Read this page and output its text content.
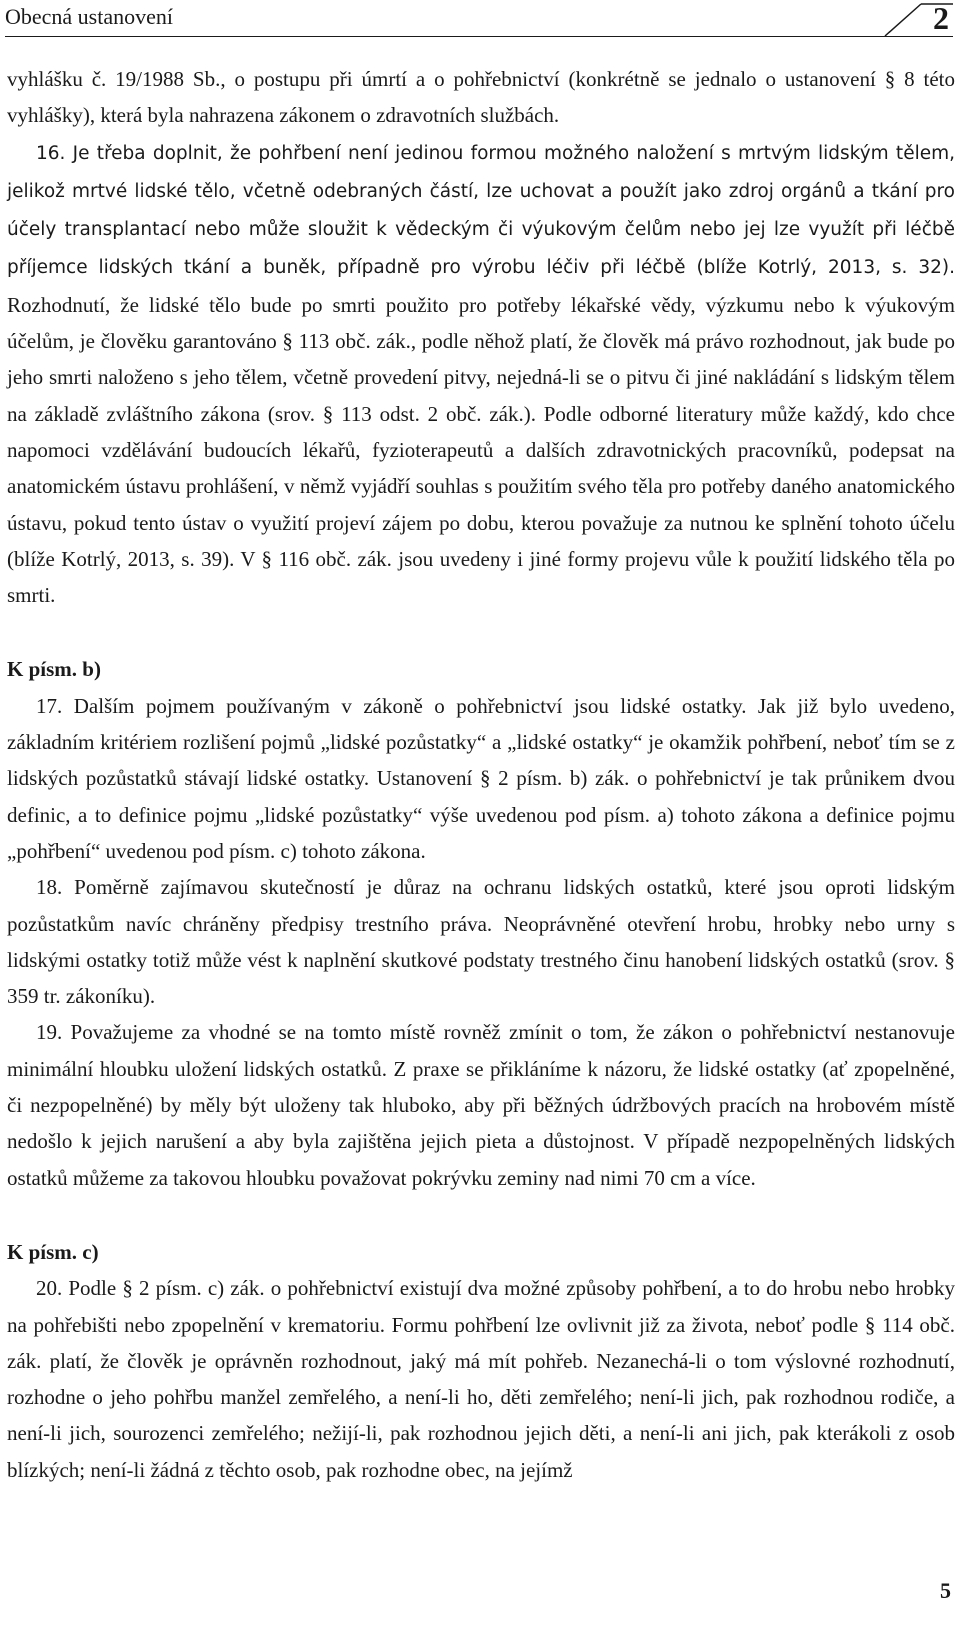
Obecná ustanovení	2

vyhlášku č. 19/1988 Sb., o postupu při úmrtí a o pohřebnictví (konkrétně se jednalo o ustanovení § 8 této vyhlášky), která byla nahrazena zákonem o zdravotních službách.

16. Je třeba doplnit, že pohřbení není jedinou formou možného naložení s mrtvým lidským tělem, jelikož mrtvé lidské tělo, včetně odebraných částí, lze uchovat a použít jako zdroj orgánů a tkání pro účely transplantací nebo může sloužit k vědeckým či výukovým čelům nebo jej lze využít při léčbě příjemce lidských tkání a buněk, případně pro výrobu léčiv při léčbě (blíže Kotrlý, 2013, s. 32). Rozhodnutí, že lidské tělo bude po smrti použito pro potřeby lékařské vědy, výzkumu nebo k výukovým účelům, je člověku garantováno § 113 obč. zák., podle něhož platí, že člověk má právo rozhodnout, jak bude po jeho smrti naloženo s jeho tělem, včetně provedení pitvy, nejedná-li se o pitvu či jiné nakládání s lidským tělem na základě zvláštního zákona (srov. § 113 odst. 2 obč. zák.). Podle odborné literatury může každý, kdo chce napomoci vzdělávání budoucích lékařů, fyzioterapeutů a dalších zdravotnických pracovníků, podepsat na anatomickém ústavu prohlášení, v němž vyjádří souhlas s použitím svého těla pro potřeby daného anatomického ústavu, pokud tento ústav o využití projeví zájem po dobu, kterou považuje za nutnou ke splnění tohoto účelu (blíže Kotrlý, 2013, s. 39). V § 116 obč. zák. jsou uvedeny i jiné formy projevu vůle k použití lidského těla po smrti.

K písm. b)

17. Dalším pojmem používaným v zákoně o pohřebnictví jsou lidské ostatky. Jak již bylo uvedeno, základním kritériem rozlišení pojmů „lidské pozůstatky“ a „lidské ostatky“ je okamžik pohřbení, neboť tím se z lidských pozůstatků stávají lidské ostatky. Ustanovení § 2 písm. b) zák. o pohřebnictví je tak průnikem dvou definic, a to definice pojmu „lidské pozůstatky“ výše uvedenou pod písm. a) tohoto zákona a definice pojmu „pohřbení“ uvedenou pod písm. c) tohoto zákona.

18. Poměrně zajímavou skutečností je důraz na ochranu lidských ostatků, které jsou oproti lidským pozůstatkům navíc chráněny předpisy trestního práva. Neoprávněné otevření hrobu, hrobky nebo urny s lidskými ostatky totiž může vést k naplnění skutkové podstaty trestného činu hanobení lidských ostatků (srov. § 359 tr. zákoníku).

19. Považujeme za vhodné se na tomto místě rovněž zmínit o tom, že zákon o pohřebnictví nestanovuje minimální hloubku uložení lidských ostatků. Z praxe se přikláníme k názoru, že lidské ostatky (ať zpopelněné, či nezpopelněné) by měly být uloženy tak hluboko, aby při běžných údržbových pracích na hrobovém místě nedošlo k jejich narušení a aby byla zajištěna jejich pieta a důstojnost. V případě nezpopelněných lidských ostatků můžeme za takovou hloubku považovat pokrývku zeminy nad nimi 70 cm a více.

K písm. c)

20. Podle § 2 písm. c) zák. o pohřebnictví existují dva možné způsoby pohřbení, a to do hrobu nebo hrobky na pohřebišti nebo zpopelnění v krematoriu. Formu pohřbení lze ovlivnit již za života, neboť podle § 114 obč. zák. platí, že člověk je oprávněn rozhodnout, jaký má mít pohřeb. Nezanechá-li o tom výslovné rozhodnutí, rozhodne o jeho pohřbu manžel zemřelého, a není-li ho, děti zemřelého; není-li jich, pak rozhodnou rodiče, a není-li jich, sourozenci zemřelého; nežijí-li, pak rozhodnou jejich děti, a není-li ani jich, pak kterákoli z osob blízkých; není-li žádná z těchto osob, pak rozhodne obec, na jejímž

5
